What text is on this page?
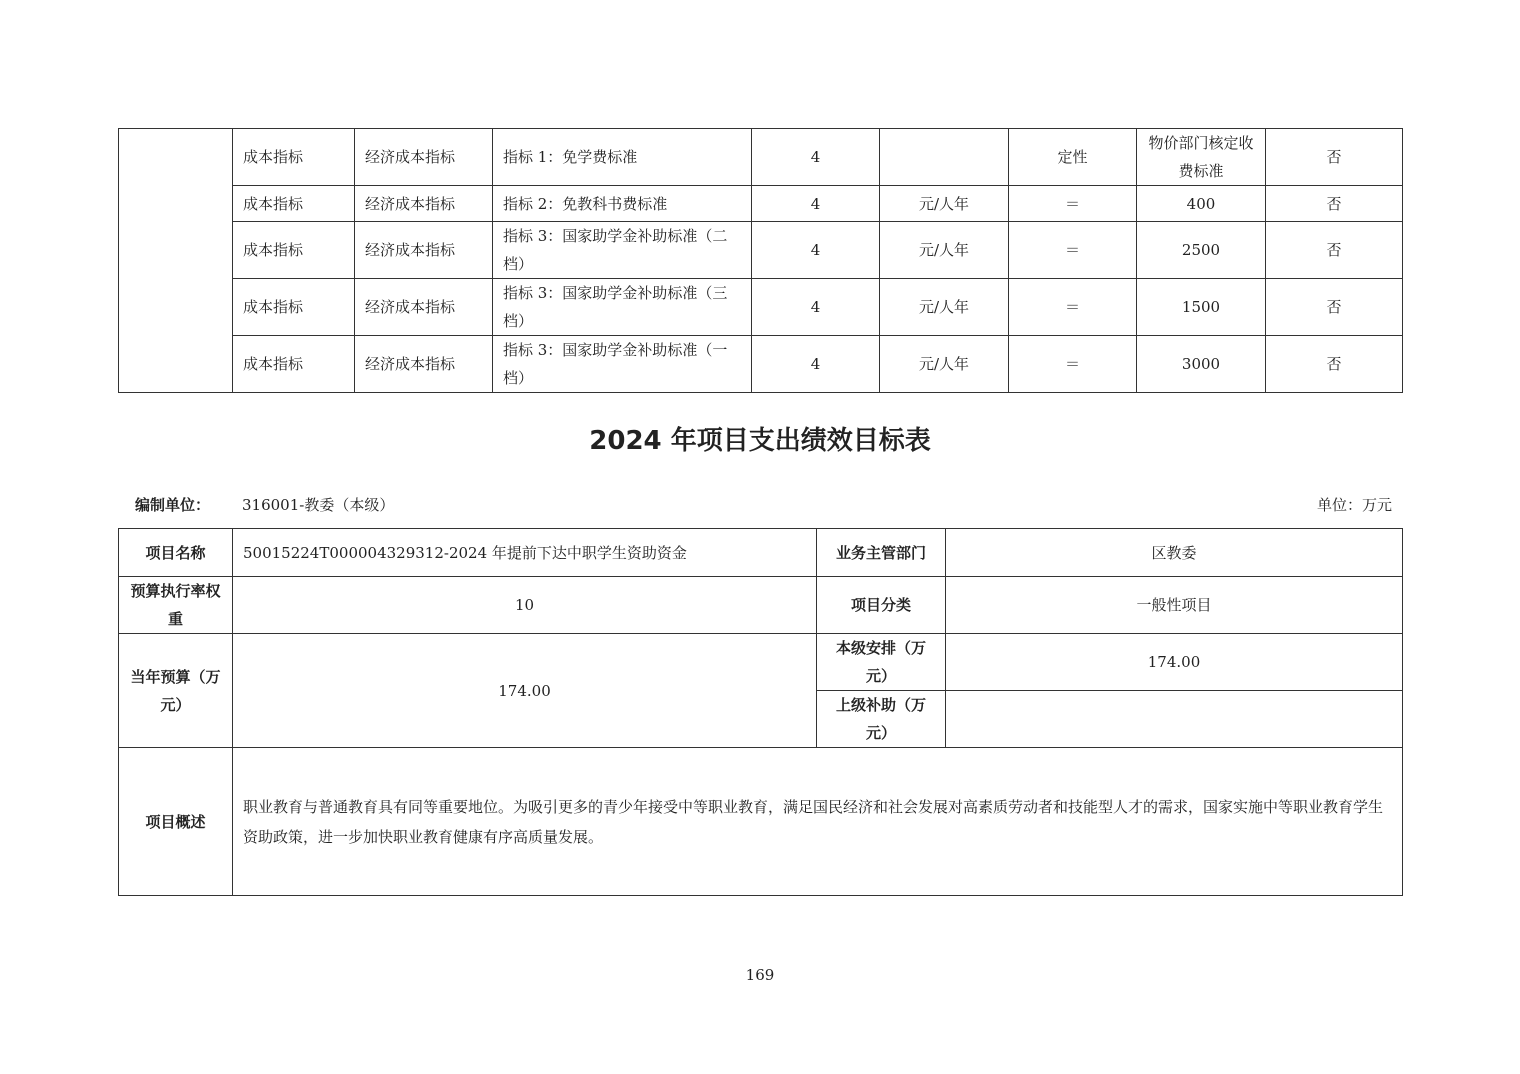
	成本指标	经济成本指标	指标 1：免学费标准	4		定性	物价部门核定收费标准	否
	成本指标	经济成本指标	指标 2：免教科书费标准	4	元/人年	＝	400	否
	成本指标	经济成本指标	指标 3：国家助学金补助标准（二档）	4	元/人年	＝	2500	否
	成本指标	经济成本指标	指标 3：国家助学金补助标准（三档）	4	元/人年	＝	1500	否
	成本指标	经济成本指标	指标 3：国家助学金补助标准（一档）	4	元/人年	＝	3000	否
2024 年项目支出绩效目标表
编制单位： 316001-教委（本级）	单位：万元
项目名称	50015224T000004329312-2024 年提前下达中职学生资助资金	业务主管部门	区教委
预算执行率权重	10	项目分类	一般性项目
当年预算（万元）	174.00	本级安排（万元）	174.00
		上级补助（万元）	
项目概述	职业教育与普通教育具有同等重要地位。为吸引更多的青少年接受中等职业教育，满足国民经济和社会发展对高素质劳动者和技能型人才的需求，国家实施中等职业教育学生资助政策，进一步加快职业教育健康有序高质量发展。		
169
